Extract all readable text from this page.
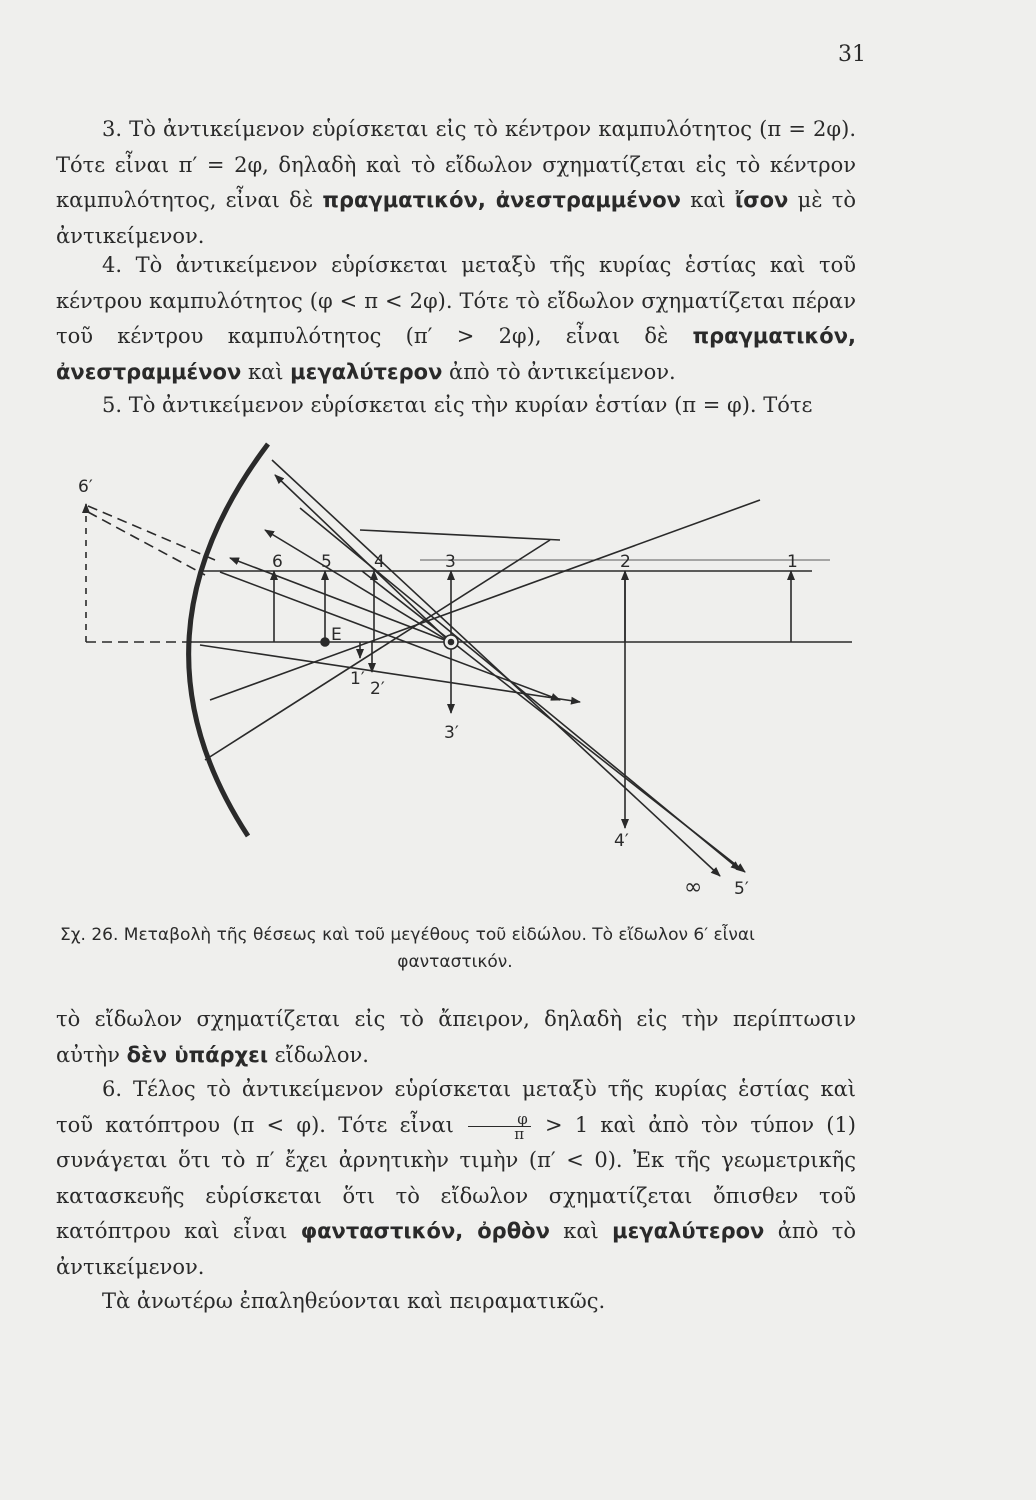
31
3. Τὸ ἀντικείμενον εὑρίσκεται εἰς τὸ κέντρον καμπυλότητος (π = 2φ). Τότε εἶναι π′ = 2φ, δηλαδὴ καὶ τὸ εἴδωλον σχηματίζεται εἰς τὸ κέντρον καμπυλότητος, εἶναι δὲ πραγματικόν, ἀνεστραμμένον καὶ ἴσον μὲ τὸ ἀντικείμενον.
4. Τὸ ἀντικείμενον εὑρίσκεται μεταξὺ τῆς κυρίας ἑστίας καὶ τοῦ κέντρου καμπυλότητος (φ < π < 2φ). Τότε τὸ εἴδωλον σχηματίζεται πέραν τοῦ κέντρου καμπυλότητος (π′ > 2φ), εἶναι δὲ πραγματικόν, ἀνεστραμμένον καὶ μεγαλύτερον ἀπὸ τὸ ἀντικείμενον.
5. Τὸ ἀντικείμενον εὑρίσκεται εἰς τὴν κυρίαν ἑστίαν (π = φ). Τότε
6′
6 5 4	3	2	1
E
1′ 2′
3′
4′
∞ 5′
Σχ. 26. Μεταβολὴ τῆς θέσεως καὶ τοῦ μεγέθους τοῦ εἰδώλου. Τὸ εἴδωλον 6′ εἶναι
φανταστικόν.
τὸ εἴδωλον σχηματίζεται εἰς τὸ ἄπειρον, δηλαδὴ εἰς τὴν περίπτωσιν αὐτὴν δὲν ὑπάρχει εἴδωλον.
6. Τέλος τὸ ἀντικείμενον εὑρίσκεται μεταξὺ τῆς κυρίας ἑστίας καὶ τοῦ κατόπτρου (π < φ). Τότε εἶναι $\frac{\varphi}{\pi} > 1$ καὶ ἀπὸ τὸν τύπον (1) συνάγεται ὅτι τὸ π′ ἔχει ἀρνητικὴν τιμὴν (π′ < 0). Ἐκ τῆς γεωμετρικῆς κατασκευῆς εὑρίσκεται ὅτι τὸ εἴδωλον σχηματίζεται ὄπισθεν τοῦ κατόπτρου καὶ εἶναι φανταστικόν, ὀρθὸν καὶ μεγαλύτερον ἀπὸ τὸ ἀντικείμενον.
Τὰ ἀνωτέρω ἐπαληθεύονται καὶ πειραματικῶς.
